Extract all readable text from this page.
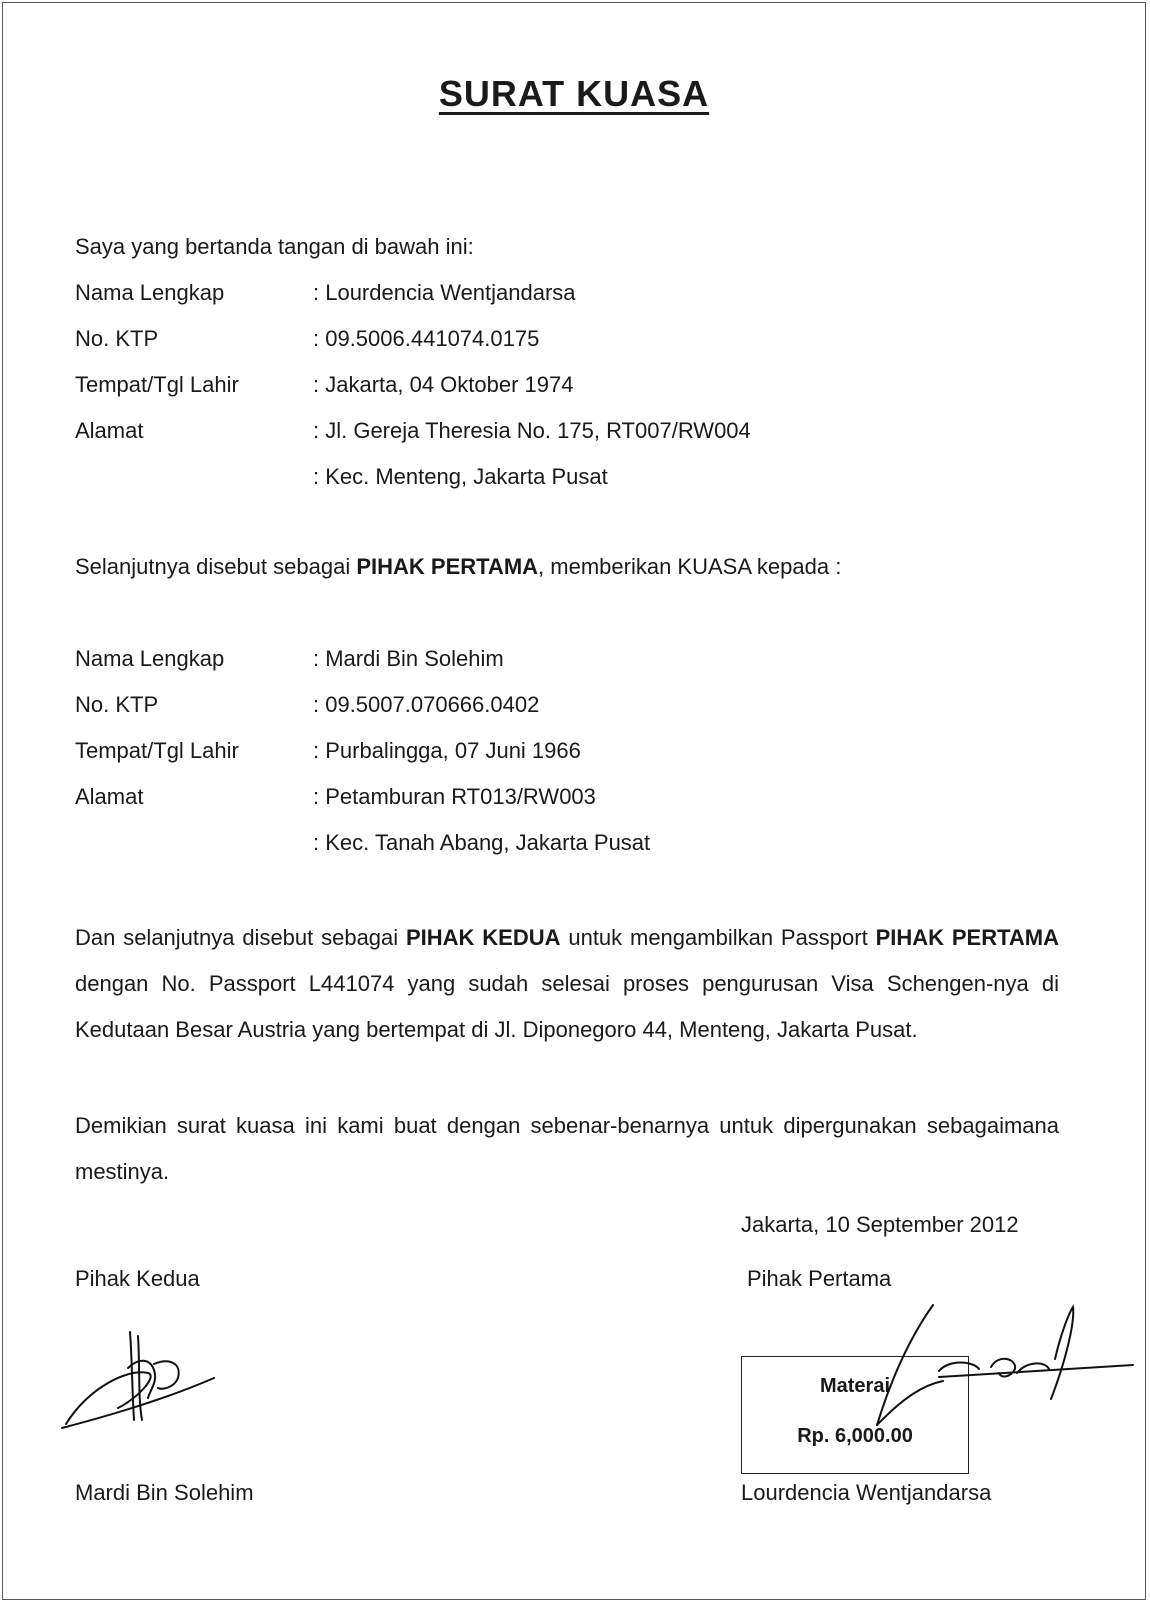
SURAT KUASA
Saya yang bertanda tangan di bawah ini:
Nama Lengkap	: Lourdencia Wentjandarsa
No. KTP	: 09.5006.441074.0175
Tempat/Tgl Lahir	: Jakarta, 04 Oktober 1974
Alamat	: Jl. Gereja Theresia No. 175, RT007/RW004
: Kec. Menteng, Jakarta Pusat
Selanjutnya disebut sebagai PIHAK PERTAMA, memberikan KUASA kepada :
Nama Lengkap	: Mardi Bin Solehim
No. KTP	: 09.5007.070666.0402
Tempat/Tgl Lahir	: Purbalingga, 07 Juni 1966
Alamat	: Petamburan RT013/RW003
: Kec. Tanah Abang, Jakarta Pusat
Dan selanjutnya disebut sebagai PIHAK KEDUA untuk mengambilkan Passport PIHAK PERTAMA dengan No. Passport L441074 yang sudah selesai proses pengurusan Visa Schengen-nya di Kedutaan Besar Austria yang bertempat di Jl. Diponegoro 44, Menteng, Jakarta Pusat.
Demikian surat kuasa ini kami buat dengan sebenar-benarnya untuk dipergunakan sebagaimana mestinya.
Jakarta, 10 September 2012
Pihak Kedua	Pihak Pertama
Materai
Rp. 6,000.00
Mardi Bin Solehim	Lourdencia Wentjandarsa
